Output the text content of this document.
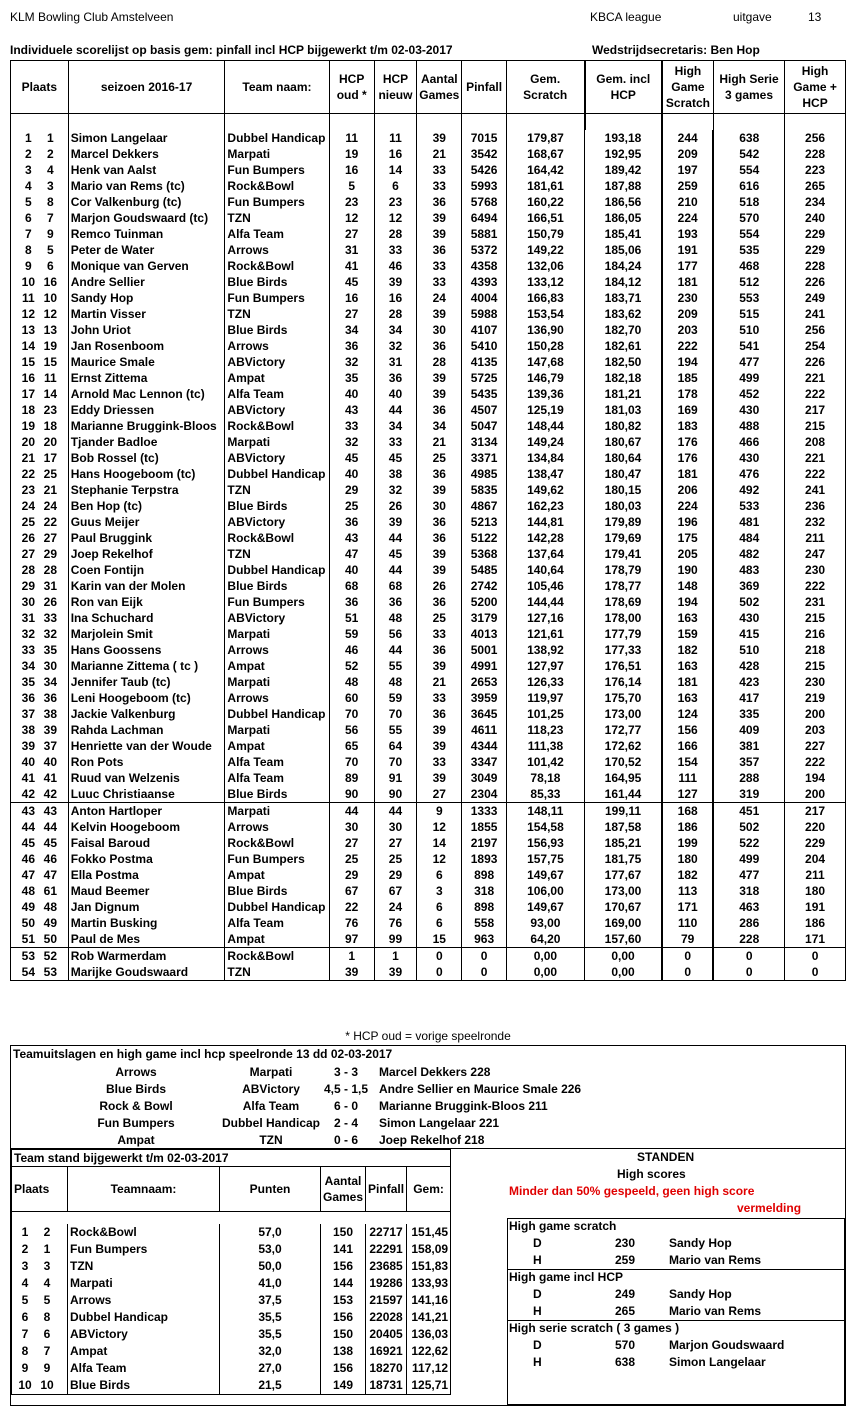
KLM Bowling Club Amstelveen	KBCA league	uitgave	13
Individuele scorelijst op basis gem: pinfall incl HCP bijgewerkt t/m 02-03-2017	Wedstrijdsecretaris: Ben Hop
Plaats	seizoen 2016-17	Team naam:	HCP oud *	HCP nieuw	Aantal Games	Pinfall	Gem. Scratch	Gem. incl HCP	High Game Scratch	High Serie 3 games	High Game + HCP

1 1	Simon Langelaar	Dubbel Handicap	11	11	39	7015	179,87	193,18	244	638	256
2 2	Marcel Dekkers	Marpati	19	16	21	3542	168,67	192,95	209	542	228
3 4	Henk van Aalst	Fun Bumpers	16	14	33	5426	164,42	189,42	197	554	223
4 3	Mario van Rems (tc)	Rock&Bowl	5	6	33	5993	181,61	187,88	259	616	265
5 8	Cor Valkenburg (tc)	Fun Bumpers	23	23	36	5768	160,22	186,56	210	518	234
6 7	Marjon Goudswaard (tc)	TZN	12	12	39	6494	166,51	186,05	224	570	240
7 9	Remco Tuinman	Alfa Team	27	28	39	5881	150,79	185,41	193	554	229
8 5	Peter de Water	Arrows	31	33	36	5372	149,22	185,06	191	535	229
9 6	Monique van Gerven	Rock&Bowl	41	46	33	4358	132,06	184,24	177	468	228
10 16	Andre Sellier	Blue Birds	45	39	33	4393	133,12	184,12	181	512	226
11 10	Sandy Hop	Fun Bumpers	16	16	24	4004	166,83	183,71	230	553	249
12 12	Martin Visser	TZN	27	28	39	5988	153,54	183,62	209	515	241
13 13	John Uriot	Blue Birds	34	34	30	4107	136,90	182,70	203	510	256
14 19	Jan Rosenboom	Arrows	36	32	36	5410	150,28	182,61	222	541	254
15 15	Maurice Smale	ABVictory	32	31	28	4135	147,68	182,50	194	477	226
16 11	Ernst Zittema	Ampat	35	36	39	5725	146,79	182,18	185	499	221
17 14	Arnold Mac Lennon (tc)	Alfa Team	40	40	39	5435	139,36	181,21	178	452	222
18 23	Eddy Driessen	ABVictory	43	44	36	4507	125,19	181,03	169	430	217
19 18	Marianne Bruggink-Bloos	Rock&Bowl	33	34	34	5047	148,44	180,82	183	488	215
20 20	Tjander Badloe	Marpati	32	33	21	3134	149,24	180,67	176	466	208
21 17	Bob Rossel (tc)	ABVictory	45	45	25	3371	134,84	180,64	176	430	221
22 25	Hans Hoogeboom (tc)	Dubbel Handicap	40	38	36	4985	138,47	180,47	181	476	222
23 21	Stephanie Terpstra	TZN	29	32	39	5835	149,62	180,15	206	492	241
24 24	Ben Hop (tc)	Blue Birds	25	26	30	4867	162,23	180,03	224	533	236
25 22	Guus Meijer	ABVictory	36	39	36	5213	144,81	179,89	196	481	232
26 27	Paul Bruggink	Rock&Bowl	43	44	36	5122	142,28	179,69	175	484	211
27 29	Joep Rekelhof	TZN	47	45	39	5368	137,64	179,41	205	482	247
28 28	Coen Fontijn	Dubbel Handicap	40	44	39	5485	140,64	178,79	190	483	230
29 31	Karin van der Molen	Blue Birds	68	68	26	2742	105,46	178,77	148	369	222
30 26	Ron van Eijk	Fun Bumpers	36	36	36	5200	144,44	178,69	194	502	231
31 33	Ina Schuchard	ABVictory	51	48	25	3179	127,16	178,00	163	430	215
32 32	Marjolein Smit	Marpati	59	56	33	4013	121,61	177,79	159	415	216
33 35	Hans Goossens	Arrows	46	44	36	5001	138,92	177,33	182	510	218
34 30	Marianne Zittema ( tc )	Ampat	52	55	39	4991	127,97	176,51	163	428	215
35 34	Jennifer Taub (tc)	Marpati	48	48	21	2653	126,33	176,14	181	423	230
36 36	Leni Hoogeboom (tc)	Arrows	60	59	33	3959	119,97	175,70	163	417	219
37 38	Jackie Valkenburg	Dubbel Handicap	70	70	36	3645	101,25	173,00	124	335	200
38 39	Rahda Lachman	Marpati	56	55	39	4611	118,23	172,77	156	409	203
39 37	Henriette van der Woude	Ampat	65	64	39	4344	111,38	172,62	166	381	227
40 40	Ron Pots	Alfa Team	70	70	33	3347	101,42	170,52	154	357	222
41 41	Ruud van Welzenis	Alfa Team	89	91	39	3049	78,18	164,95	111	288	194
42 42	Luuc Christiaanse	Blue Birds	90	90	27	2304	85,33	161,44	127	319	200
43 43	Anton Hartloper	Marpati	44	44	9	1333	148,11	199,11	168	451	217
44 44	Kelvin Hoogeboom	Arrows	30	30	12	1855	154,58	187,58	186	502	220
45 45	Faisal Baroud	Rock&Bowl	27	27	14	2197	156,93	185,21	199	522	229
46 46	Fokko Postma	Fun Bumpers	25	25	12	1893	157,75	181,75	180	499	204
47 47	Ella Postma	Ampat	29	29	6	898	149,67	177,67	182	477	211
48 61	Maud Beemer	Blue Birds	67	67	3	318	106,00	173,00	113	318	180
49 48	Jan Dignum	Dubbel Handicap	22	24	6	898	149,67	170,67	171	463	191
50 49	Martin Busking	Alfa Team	76	76	6	558	93,00	169,00	110	286	186
51 50	Paul de Mes	Ampat	97	99	15	963	64,20	157,60	79	228	171
53 52	Rob Warmerdam	Rock&Bowl	1	1	0	0	0,00	0,00	0	0	0
54 53	Marijke Goudswaard	TZN	39	39	0	0	0,00	0,00	0	0	0
* HCP oud = vorige speelronde
Teamuitslagen en high game incl hcp speelronde 13 dd 02-03-2017
Arrows	Marpati	3 - 3	Marcel Dekkers 228
Blue Birds	ABVictory	4,5 - 1,5 Andre Sellier en Maurice Smale 226
Rock & Bowl	Alfa Team	6 - 0	Marianne Bruggink-Bloos 211
Fun Bumpers	Dubbel Handicap	2 - 4	Simon Langelaar 221
Ampat	TZN	0 - 6	Joep Rekelhof 218
Team stand bijgewerkt t/m 02-03-2017					
Plaats	Teamnaam:	Punten	Aantal Games	Pinfall	Gem:

1 2	Rock&Bowl	57,0	150	22717	151,45
2 1	Fun Bumpers	53,0	141	22291	158,09
3 3	TZN	50,0	156	23685	151,83
4 4	Marpati	41,0	144	19286	133,93
5 5	Arrows	37,5	153	21597	141,16
6 8	Dubbel Handicap	35,5	156	22028	141,21
7 6	ABVictory	35,5	150	20405	136,03
8 7	Ampat	32,0	138	16921	122,62
9 9	Alfa Team	27,0	156	18270	117,12
10 10	Blue Birds	21,5	149	18731	125,71
STANDEN
High scores
Minder dan 50% gespeeld, geen high score
vermelding
High game scratch
D	230	Sandy Hop
H	259	Mario van Rems
High game incl HCP
D	249	Sandy Hop
H	265	Mario van Rems
High serie scratch ( 3 games )
D	570	Marjon Goudswaard
H	638	Simon Langelaar
